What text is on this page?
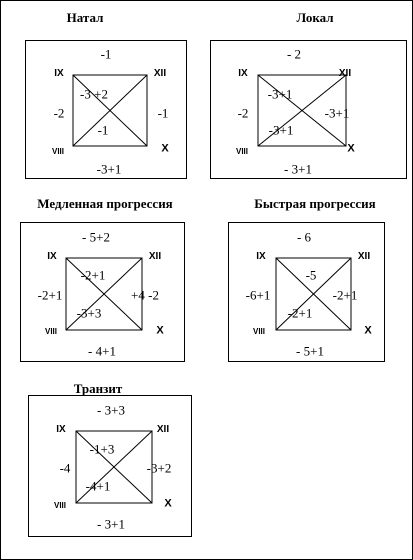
Натал
-1
-2	-1
-3+1
-3 +2
-1
IX	XII
VIII	X
Локал
- 2
-2	-3+1
- 3+1
-3+1
-3+1
IX	XII
VIII	X
Медленная прогрессия
- 5+2
-2+1	+4 -2
- 4+1
-2+1
-3+3
IX	XII
VIII	X
Быстрая прогрессия
- 6
-6+1	-2+1
- 5+1
-5
-2+1
IX	XII
VIII	X
Транзит
- 3+3
-4	-3+2
- 3+1
-1+3
-4+1
IX	XII
VIII	X
